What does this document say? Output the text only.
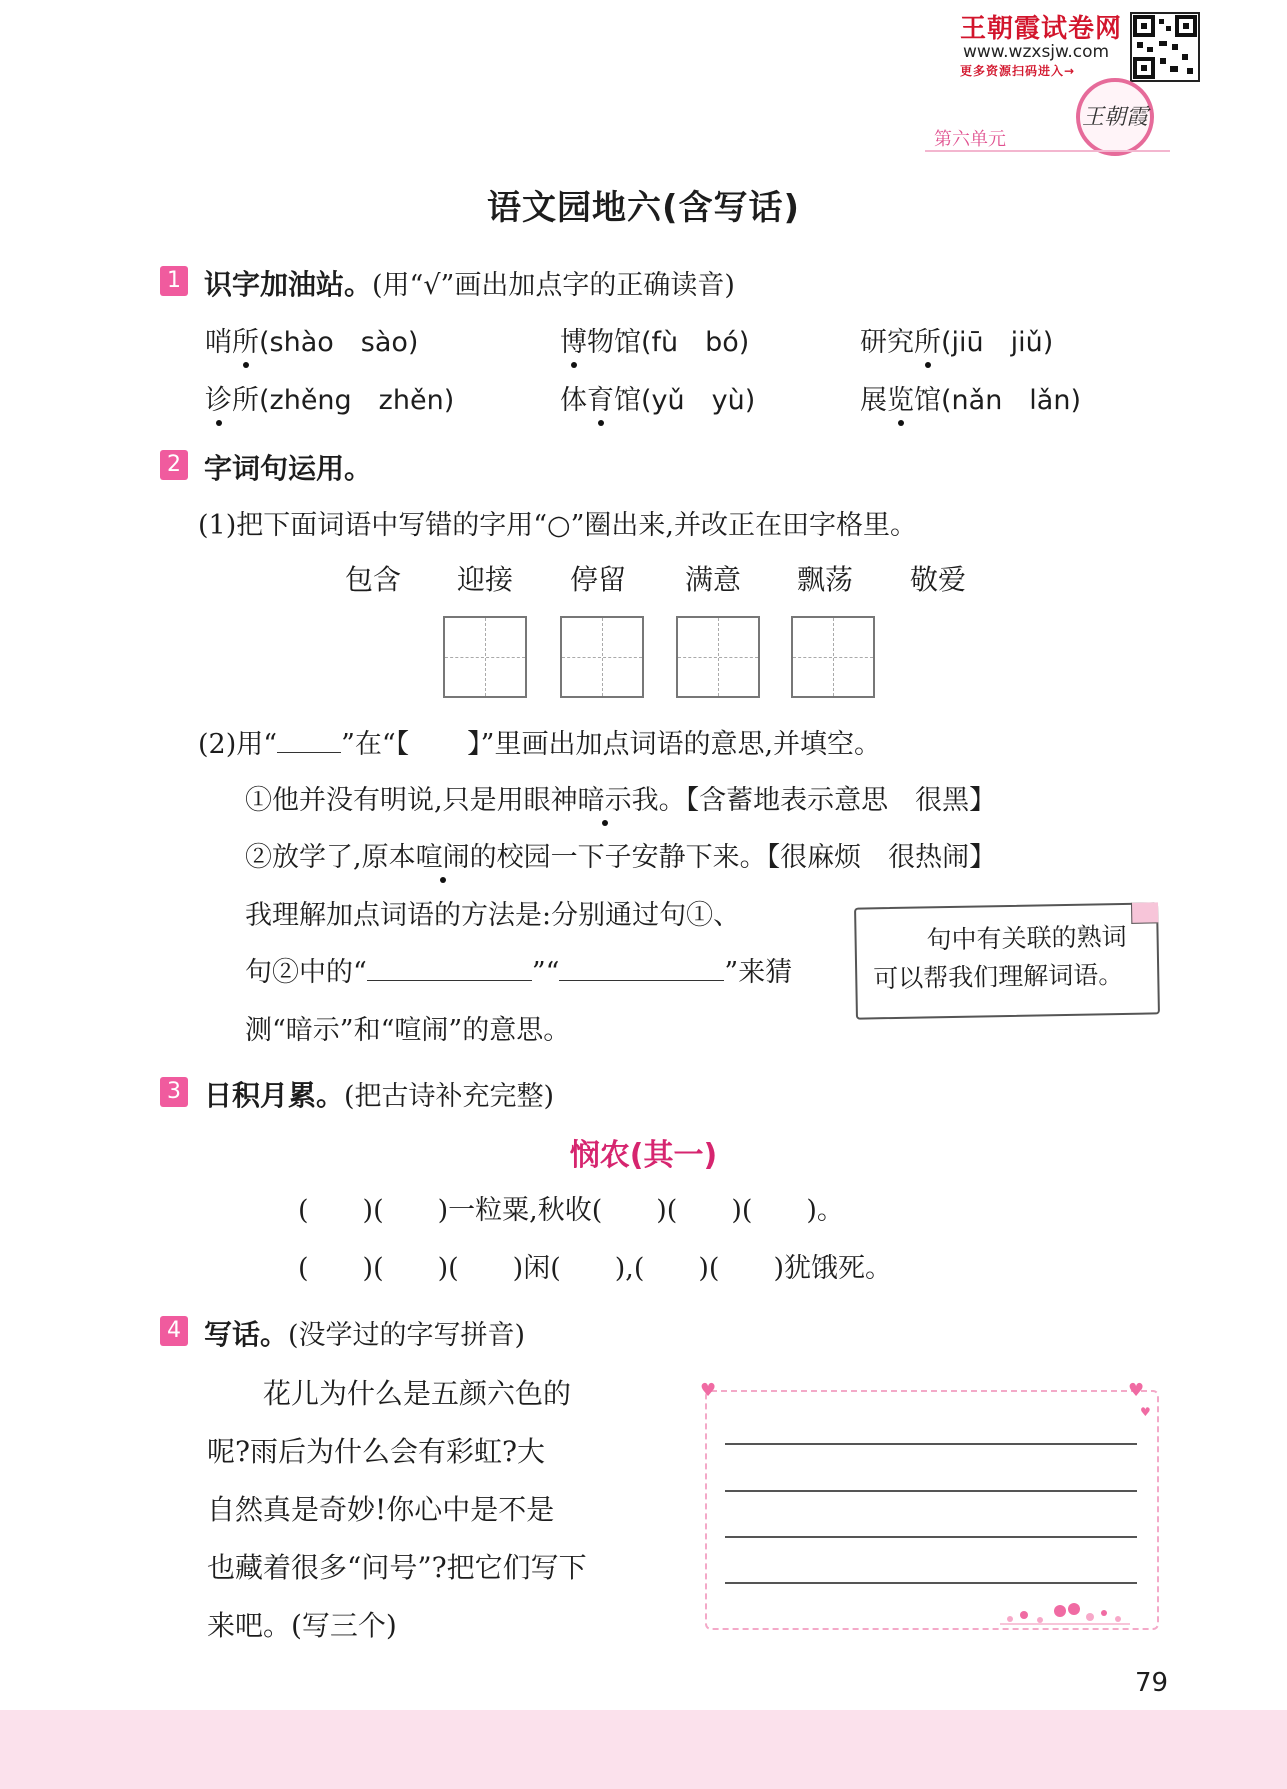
王朝霞试卷网
www.wzxsjw.com
更多资源扫码进入→
王朝霞
第六单元
语文园地六(含写话)
1 识字加油站。(用“√”画出加点字的正确读音)
哨所(shào　sào)	博物馆(fù　bó)	研究所(jiū　jiǔ)
诊所(zhěng　zhěn)	体育馆(yǔ　yù)	展览馆(nǎn　lǎn)
2 字词句运用。
(1)把下面词语中写错的字用“○”圈出来,并改正在田字格里。
包含 迎接 停留 满意 飘荡 敬爱
(2)用“ ”在“【 】”里画出加点词语的意思,并填空。
①他并没有明说,只是用眼神暗示我。【含蓄地表示意思　很黑】
②放学了,原本喧闹的校园一下子安静下来。【很麻烦　很热闹】
我理解加点词语的方法是:分别通过句①、
句②中的“	”“	”来猜
测“暗示”和“喧闹”的意思。
句中有关联的熟词
可以帮我们理解词语。
3 日积月累。(把古诗补充完整)
悯农(其一)
(　　)(　　)一粒粟,秋收(　　)(　　)(　　)。
(　　)(　　)(　　)闲(　　),(　　)(　　)犹饿死。
4 写话。(没学过的字写拼音)
　　花儿为什么是五颜六色的
呢?雨后为什么会有彩虹?大
自然真是奇妙!你心中是不是
也藏着很多“问号”?把它们写下
来吧。(写三个)
♥	♥
♥
79
